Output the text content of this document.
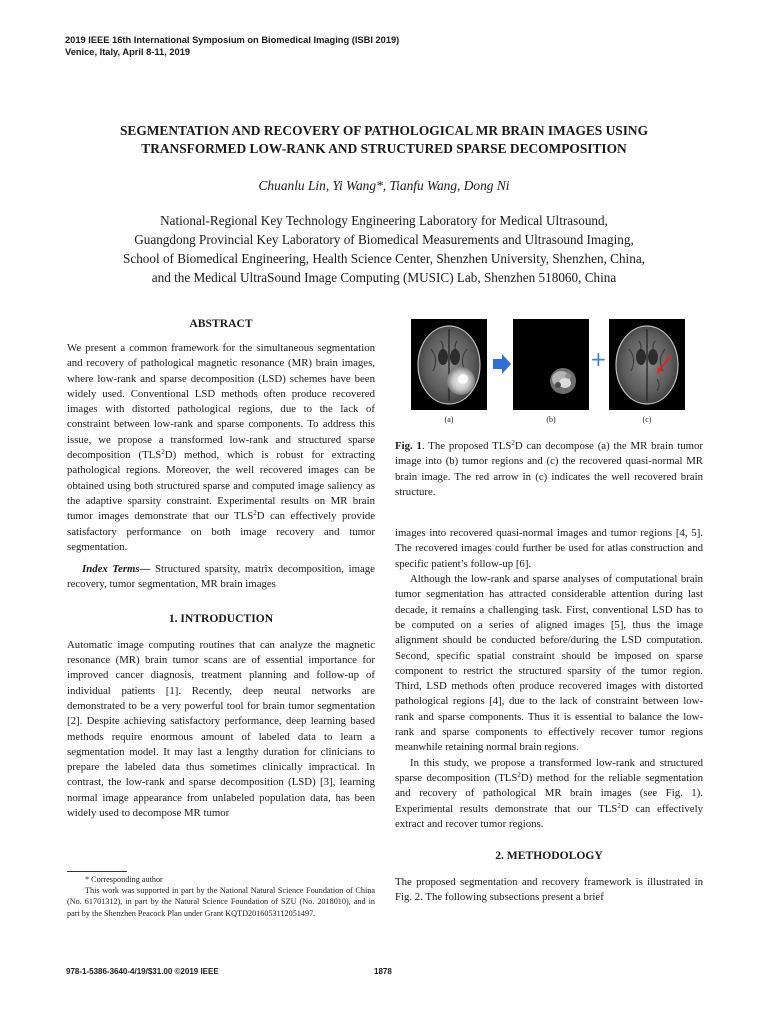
2019 IEEE 16th International Symposium on Biomedical Imaging (ISBI 2019)
Venice, Italy, April 8-11, 2019
SEGMENTATION AND RECOVERY OF PATHOLOGICAL MR BRAIN IMAGES USING
TRANSFORMED LOW-RANK AND STRUCTURED SPARSE DECOMPOSITION
Chuanlu Lin, Yi Wang*, Tianfu Wang, Dong Ni
National-Regional Key Technology Engineering Laboratory for Medical Ultrasound,
Guangdong Provincial Key Laboratory of Biomedical Measurements and Ultrasound Imaging,
School of Biomedical Engineering, Health Science Center, Shenzhen University, Shenzhen, China,
and the Medical UltraSound Image Computing (MUSIC) Lab, Shenzhen 518060, China
ABSTRACT
We present a common framework for the simultaneous segmentation and recovery of pathological magnetic resonance (MR) brain images, where low-rank and sparse decomposition (LSD) schemes have been widely used. Conventional LSD methods often produce recovered images with distorted pathological regions, due to the lack of constraint between low-rank and sparse components. To address this issue, we propose a transformed low-rank and structured sparse decomposition (TLS$^2$D) method, which is robust for extracting pathological regions. Moreover, the well recovered images can be obtained using both structured sparse and computed image saliency as the adaptive sparsity constraint. Experimental results on MR brain tumor images demonstrate that our TLS$^2$D can effectively provide satisfactory performance on both image recovery and tumor segmentation.
Index Terms— Structured sparsity, matrix decomposition, image recovery, tumor segmentation, MR brain images
1. INTRODUCTION
Automatic image computing routines that can analyze the magnetic resonance (MR) brain tumor scans are of essential importance for improved cancer diagnosis, treatment planning and follow-up of individual patients [1]. Recently, deep neural networks are demonstrated to be a very powerful tool for brain tumor segmentation [2]. Despite achieving satisfactory performance, deep learning based methods require enormous amount of labeled data to learn a segmentation model. It may last a lengthy duration for clinicians to prepare the labeled data thus sometimes clinically impractical. In contrast, the low-rank and sparse decomposition (LSD) [3], learning normal image appearance from unlabeled population data, has been widely used to decompose MR tumor
+
(a)	(b)	(c)
Fig. 1. The proposed TLS$^2$D can decompose (a) the MR brain tumor image into (b) tumor regions and (c) the recovered quasi-normal MR brain image. The red arrow in (c) indicates the well recovered brain structure.
images into recovered quasi-normal images and tumor regions [4, 5]. The recovered images could further be used for atlas construction and specific patient’s follow-up [6].
Although the low-rank and sparse analyses of computational brain tumor segmentation has attracted considerable attention during last decade, it remains a challenging task. First, conventional LSD has to be computed on a series of aligned images [5], thus the image alignment should be conducted before/during the LSD computation. Second, specific spatial constraint should be imposed on sparse component to restrict the structured sparsity of the tumor region. Third, LSD methods often produce recovered images with distorted pathological regions [4], due to the lack of constraint between low-rank and sparse components. Thus it is essential to balance the low-rank and sparse components to effectively recover tumor regions meanwhile retaining normal brain regions.
In this study, we propose a transformed low-rank and structured sparse decomposition (TLS$^2$D) method for the reliable segmentation and recovery of pathological MR brain images (see Fig. 1). Experimental results demonstrate that our TLS$^2$D can effectively extract and recover tumor regions.
2. METHODOLOGY
The proposed segmentation and recovery framework is illustrated in Fig. 2. The following subsections present a brief
* Corresponding author
This work was supported in part by the National Natural Science Foundation of China (No. 61701312), in part by the Natural Science Foundation of SZU (No. 2018010), and in part by the Shenzhen Peacock Plan under Grant KQTD2016053112051497.
978-1-5386-3640-4/19/$31.00 ©2019 IEEE	1878
